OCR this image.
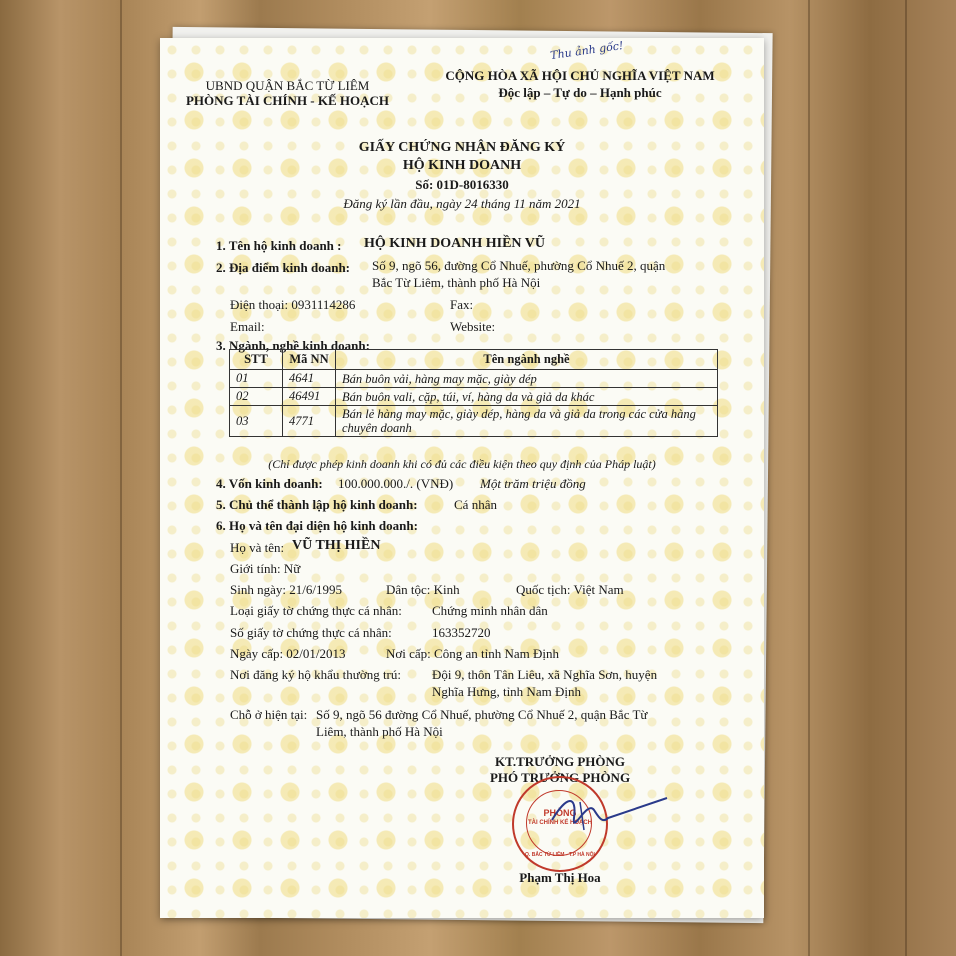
Thu ảnh gốc!
UBND QUẬN BẮC TỪ LIÊM
PHÒNG TÀI CHÍNH - KẾ HOẠCH
CỘNG HÒA XÃ HỘI CHỦ NGHĨA VIỆT NAM
Độc lập – Tự do – Hạnh phúc
GIẤY CHỨNG NHẬN ĐĂNG KÝ
HỘ KINH DOANH
Số: 01D-8016330
Đăng ký lần đầu, ngày 24 tháng 11 năm 2021
1. Tên hộ kinh doanh : HỘ KINH DOANH HIỀN VŨ
2. Địa điểm kinh doanh: Số 9, ngõ 56, đường Cổ Nhuế, phường Cổ Nhuế 2, quận
Bắc Từ Liêm, thành phố Hà Nội
Điện thoại: 0931114286	Fax:
Email:	Website:
3. Ngành, nghề kinh doanh:
STT	Mã NN	Tên ngành nghề
01	4641	Bán buôn vải, hàng may mặc, giày dép
02	46491	Bán buôn vali, cặp, túi, ví, hàng da và giả da khác
03	4771	Bán lẻ hàng may mặc, giày dép, hàng da và giả da trong các cửa hàng chuyên doanh
(Chỉ được phép kinh doanh khi có đủ các điều kiện theo quy định của Pháp luật)
4. Vốn kinh doanh: 100.000.000./. (VNĐ) Một trăm triệu đồng
5. Chủ thể thành lập hộ kinh doanh:	Cá nhân
6. Họ và tên đại diện hộ kinh doanh:
Họ và tên: VŨ THỊ HIỀN
Giới tính: Nữ
Sinh ngày: 21/6/1995	Dân tộc: Kinh	Quốc tịch: Việt Nam
Loại giấy tờ chứng thực cá nhân: Chứng minh nhân dân
Số giấy tờ chứng thực cá nhân:	163352720
Ngày cấp: 02/01/2013	Nơi cấp: Công an tỉnh Nam Định
Nơi đăng ký hộ khẩu thường trú: Đội 9, thôn Tân Liêu, xã Nghĩa Sơn, huyện
Nghĩa Hưng, tỉnh Nam Định
Chỗ ở hiện tại: Số 9, ngõ 56 đường Cổ Nhuế, phường Cổ Nhuế 2, quận Bắc Từ
Liêm, thành phố Hà Nội
KT.TRƯỞNG PHÒNG
PHÓ TRƯỞNG PHÒNG
PHÒNG
TÀI CHÍNH KẾ HOẠCH
Q. BẮC TỪ LIÊM - T.P HÀ NỘI
Phạm Thị Hoa
